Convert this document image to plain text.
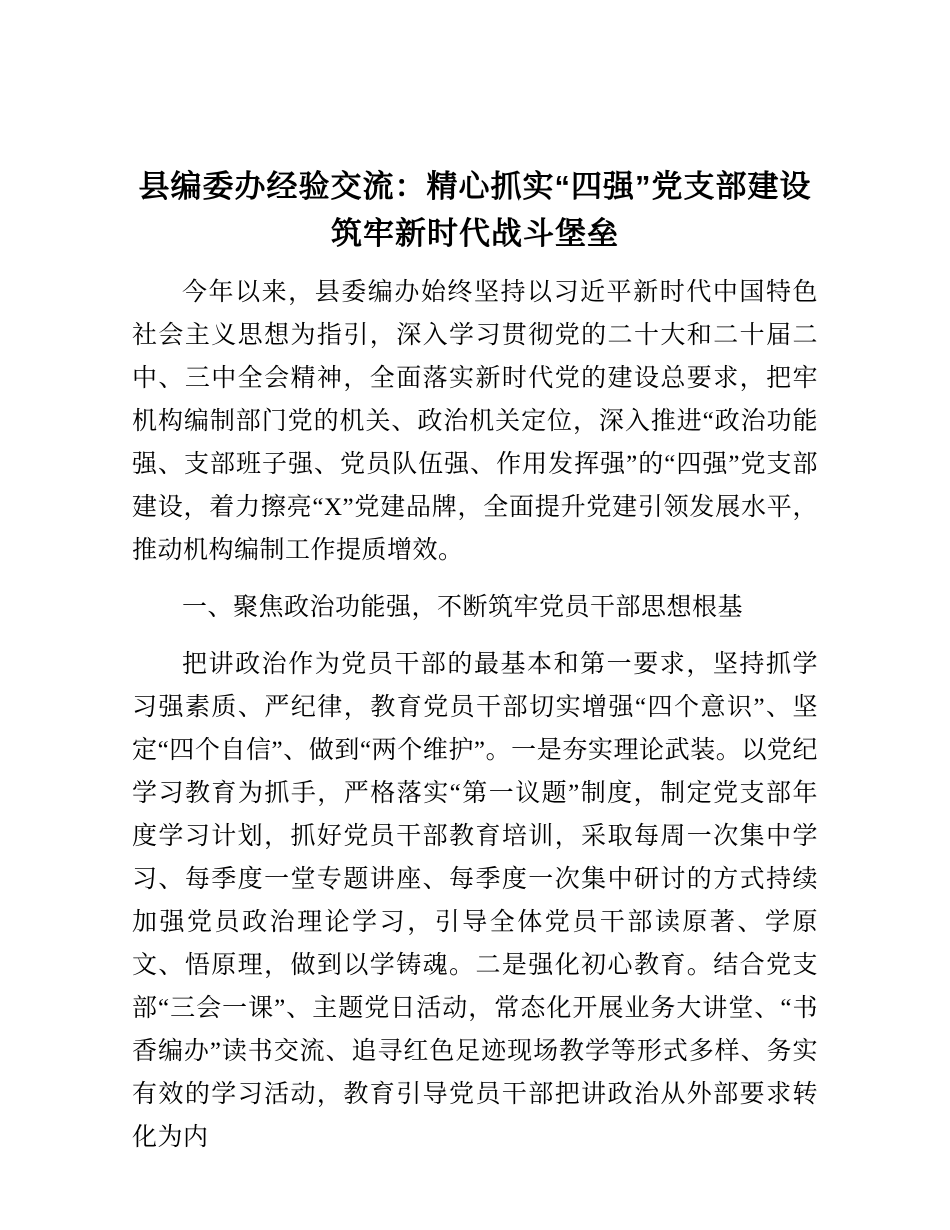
县编委办经验交流：精心抓实“四强”党支部建设筑牢新时代战斗堡垒

今年以来，县委编办始终坚持以习近平新时代中国特色社会主义思想为指引，深入学习贯彻党的二十大和二十届二中、三中全会精神，全面落实新时代党的建设总要求，把牢机构编制部门党的机关、政治机关定位，深入推进“政治功能强、支部班子强、党员队伍强、作用发挥强”的“四强”党支部建设，着力擦亮“X”党建品牌，全面提升党建引领发展水平，推动机构编制工作提质增效。

一、聚焦政治功能强，不断筑牢党员干部思想根基

把讲政治作为党员干部的最基本和第一要求，坚持抓学习强素质、严纪律，教育党员干部切实增强“四个意识”、坚定“四个自信”、做到“两个维护”。一是夯实理论武装。以党纪学习教育为抓手，严格落实“第一议题”制度，制定党支部年度学习计划，抓好党员干部教育培训，采取每周一次集中学习、每季度一堂专题讲座、每季度一次集中研讨的方式持续加强党员政治理论学习，引导全体党员干部读原著、学原文、悟原理，做到以学铸魂。二是强化初心教育。结合党支部“三会一课”、主题党日活动，常态化开展业务大讲堂、“书香编办”读书交流、追寻红色足迹现场教学等形式多样、务实有效的学习活动，教育引导党员干部把讲政治从外部要求转化为内
